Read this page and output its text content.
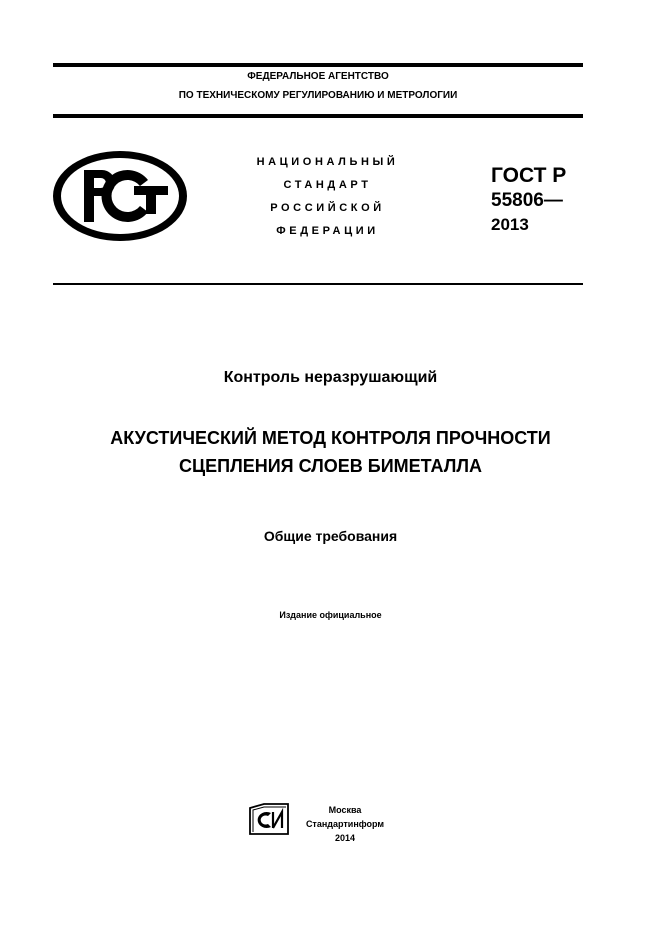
ФЕДЕРАЛЬНОЕ АГЕНТСТВО
ПО ТЕХНИЧЕСКОМУ РЕГУЛИРОВАНИЮ И МЕТРОЛОГИИ
НАЦИОНАЛЬНЫЙ
СТАНДАРТ
РОССИЙСКОЙ
ФЕДЕРАЦИИ
ГОСТ Р
55806—
2013
Контроль неразрушающий
АКУСТИЧЕСКИЙ МЕТОД КОНТРОЛЯ ПРОЧНОСТИ
СЦЕПЛЕНИЯ СЛОЕВ БИМЕТАЛЛА
Общие требования
Издание официальное
Москва
Стандартинформ
2014
